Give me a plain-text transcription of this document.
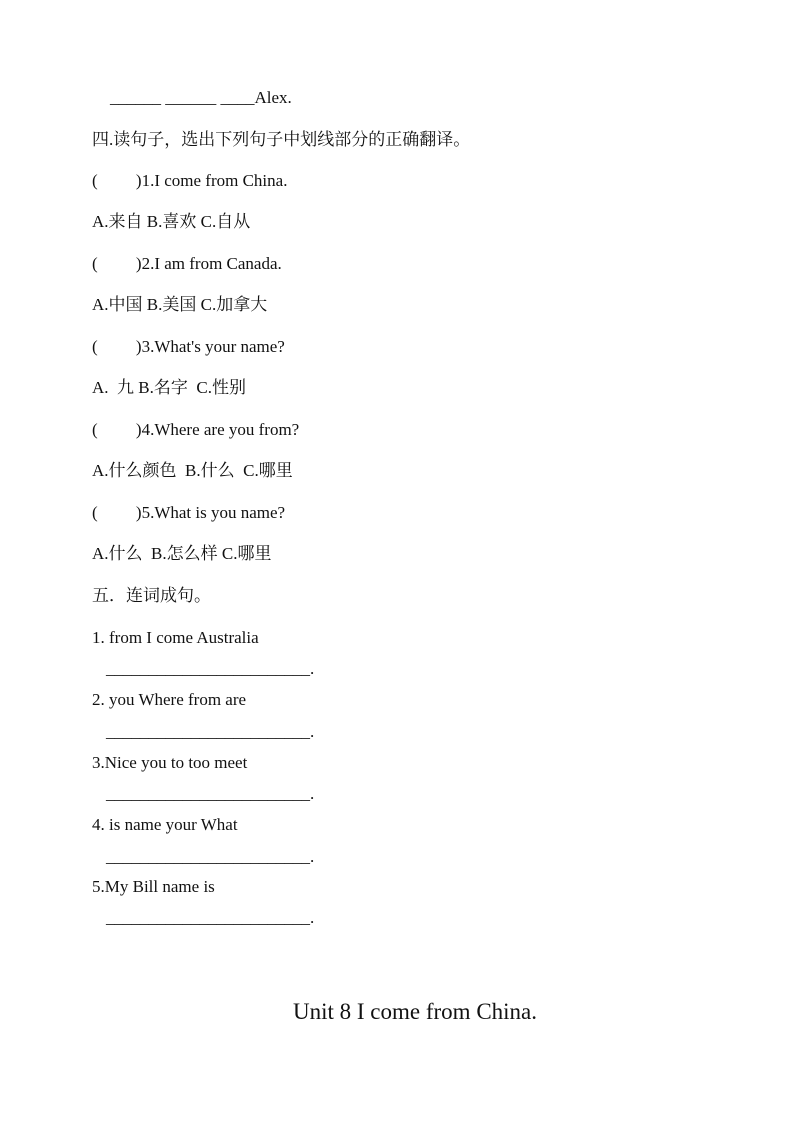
______ ______ ____Alex.
四.读句子，选出下列句子中划线部分的正确翻译。
(         )1.I come from China.
A.来自 B.喜欢 C.自从
(         )2.I am from Canada.
A.中国 B.美国 C.加拿大
(         )3.What's your name?
A.  九 B.名字  C.性别
(         )4.Where are you from?
A.什么颜色  B.什么  C.哪里
(         )5.What is you name?
A.什么  B.怎么样 C.哪里
五．连词成句。
1. from I come Australia
________________________.
2. you Where from are
________________________.
3.Nice you to too meet
________________________.
4. is name your What
________________________.
5.My Bill name is
________________________.
Unit 8 I come from China.
